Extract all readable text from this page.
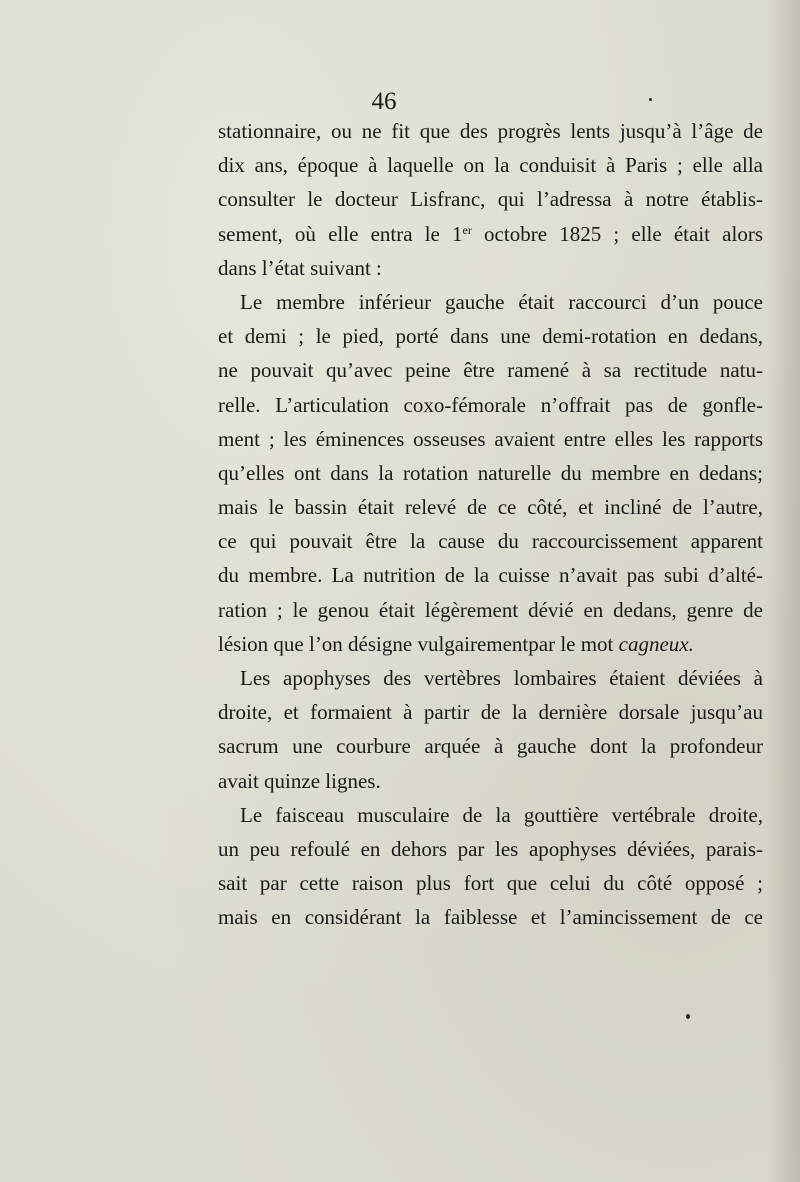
46
stationnaire, ou ne fit que des progrès lents jusqu’à l’âge de
dix ans, époque à laquelle on la conduisit à Paris ; elle alla
consulter le docteur Lisfranc, qui l’adressa à notre établis-
sement, où elle entra le 1er octobre 1825 ; elle était alors
dans l’état suivant :
Le membre inférieur gauche était raccourci d’un pouce
et demi ; le pied, porté dans une demi-rotation en dedans,
ne pouvait qu’avec peine être ramené à sa rectitude natu-
relle. L’articulation coxo-fémorale n’offrait pas de gonfle-
ment ; les éminences osseuses avaient entre elles les rapports
qu’elles ont dans la rotation naturelle du membre en dedans;
mais le bassin était relevé de ce côté, et incliné de l’autre,
ce qui pouvait être la cause du raccourcissement apparent
du membre. La nutrition de la cuisse n’avait pas subi d’alté-
ration ; le genou était légèrement dévié en dedans, genre de
lésion que l’on désigne vulgairementpar le mot cagneux.
Les apophyses des vertèbres lombaires étaient déviées à
droite, et formaient à partir de la dernière dorsale jusqu’au
sacrum une courbure arquée à gauche dont la profondeur
avait quinze lignes.
Le faisceau musculaire de la gouttière vertébrale droite,
un peu refoulé en dehors par les apophyses déviées, parais-
sait par cette raison plus fort que celui du côté opposé ;
mais en considérant la faiblesse et l’amincissement de ce
